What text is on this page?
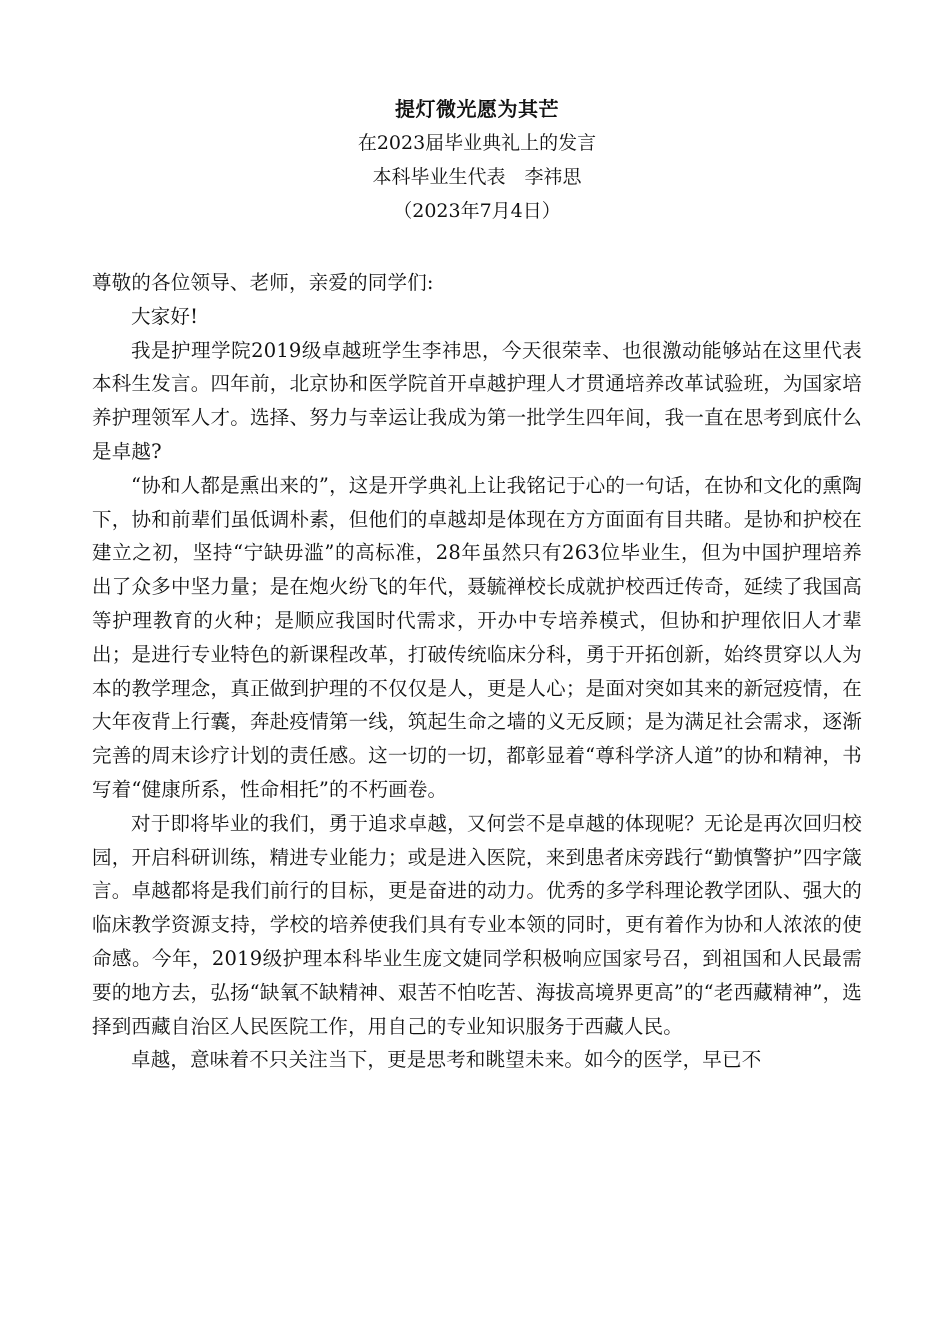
提灯微光愿为其芒
在2023届毕业典礼上的发言
本科毕业生代表　李祎思
（2023年7月4日）

尊敬的各位领导、老师，亲爱的同学们:

大家好!

我是护理学院2019级卓越班学生李祎思，今天很荣幸、也很激动能够站在这里代表本科生发言。四年前，北京协和医学院首开卓越护理人才贯通培养改革试验班，为国家培养护理领军人才。选择、努力与幸运让我成为第一批学生四年间，我一直在思考到底什么是卓越?

“协和人都是熏出来的”，这是开学典礼上让我铭记于心的一句话，在协和文化的熏陶下，协和前辈们虽低调朴素，但他们的卓越却是体现在方方面面有目共睹。是协和护校在建立之初，坚持“宁缺毋滥”的高标准，28年虽然只有263位毕业生，但为中国护理培养出了众多中坚力量；是在炮火纷飞的年代，聂毓禅校长成就护校西迁传奇，延续了我国高等护理教育的火种；是顺应我国时代需求，开办中专培养模式，但协和护理依旧人才辈出；是进行专业特色的新课程改革，打破传统临床分科，勇于开拓创新，始终贯穿以人为本的教学理念，真正做到护理的不仅仅是人，更是人心；是面对突如其来的新冠疫情，在大年夜背上行囊，奔赴疫情第一线，筑起生命之墙的义无反顾；是为满足社会需求，逐渐完善的周末诊疗计划的责任感。这一切的一切，都彰显着“尊科学济人道”的协和精神，书写着“健康所系，性命相托”的不朽画卷。

对于即将毕业的我们，勇于追求卓越，又何尝不是卓越的体现呢？无论是再次回归校园，开启科研训练，精进专业能力；或是进入医院，来到患者床旁践行“勤慎警护”四字箴言。卓越都将是我们前行的目标，更是奋进的动力。优秀的多学科理论教学团队、强大的临床教学资源支持，学校的培养使我们具有专业本领的同时，更有着作为协和人浓浓的使命感。今年，2019级护理本科毕业生庞文婕同学积极响应国家号召，到祖国和人民最需要的地方去，弘扬“缺氧不缺精神、艰苦不怕吃苦、海拔高境界更高”的“老西藏精神”，选择到西藏自治区人民医院工作，用自己的专业知识服务于西藏人民。

卓越，意味着不只关注当下，更是思考和眺望未来。如今的医学，早已不
